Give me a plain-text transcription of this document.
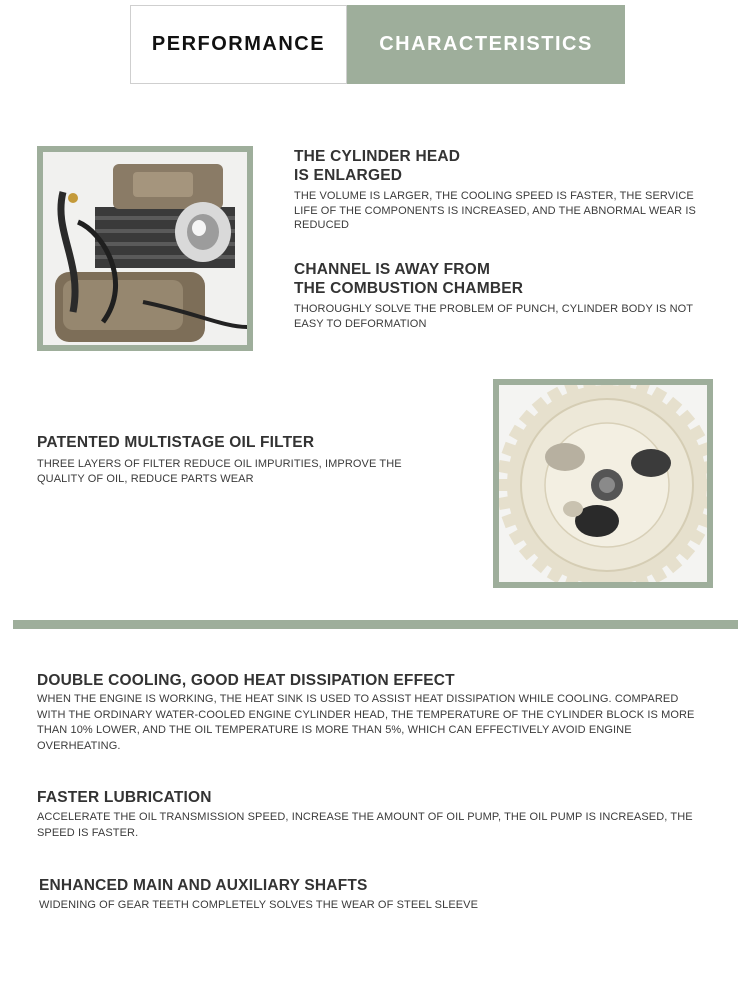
PERFORMANCE	CHARACTERISTICS
THE CYLINDER HEAD
IS ENLARGED
THE VOLUME IS LARGER, THE COOLING SPEED IS FASTER, THE SERVICE LIFE OF THE COMPONENTS IS INCREASED, AND THE ABNORMAL WEAR IS REDUCED
CHANNEL IS AWAY FROM
THE COMBUSTION CHAMBER
THOROUGHLY SOLVE THE PROBLEM OF PUNCH, CYLINDER BODY IS NOT EASY TO DEFORMATION
PATENTED MULTISTAGE OIL FILTER
THREE LAYERS OF FILTER REDUCE OIL IMPURITIES, IMPROVE THE QUALITY OF OIL, REDUCE PARTS WEAR
DOUBLE COOLING, GOOD HEAT DISSIPATION EFFECT
WHEN THE ENGINE IS WORKING, THE HEAT SINK IS USED TO ASSIST HEAT DISSIPATION WHILE COOLING. COMPARED WITH THE ORDINARY WATER-COOLED ENGINE CYLINDER HEAD, THE TEMPERATURE OF THE CYLINDER BLOCK IS MORE THAN 10% LOWER, AND THE OIL TEMPERATURE IS MORE THAN 5%, WHICH CAN EFFECTIVELY AVOID ENGINE OVERHEATING.
FASTER LUBRICATION
ACCELERATE THE OIL TRANSMISSION SPEED, INCREASE THE AMOUNT OF OIL PUMP, THE OIL PUMP IS INCREASED, THE SPEED IS FASTER.
ENHANCED MAIN AND AUXILIARY SHAFTS
WIDENING OF GEAR TEETH COMPLETELY SOLVES THE WEAR OF STEEL SLEEVE
